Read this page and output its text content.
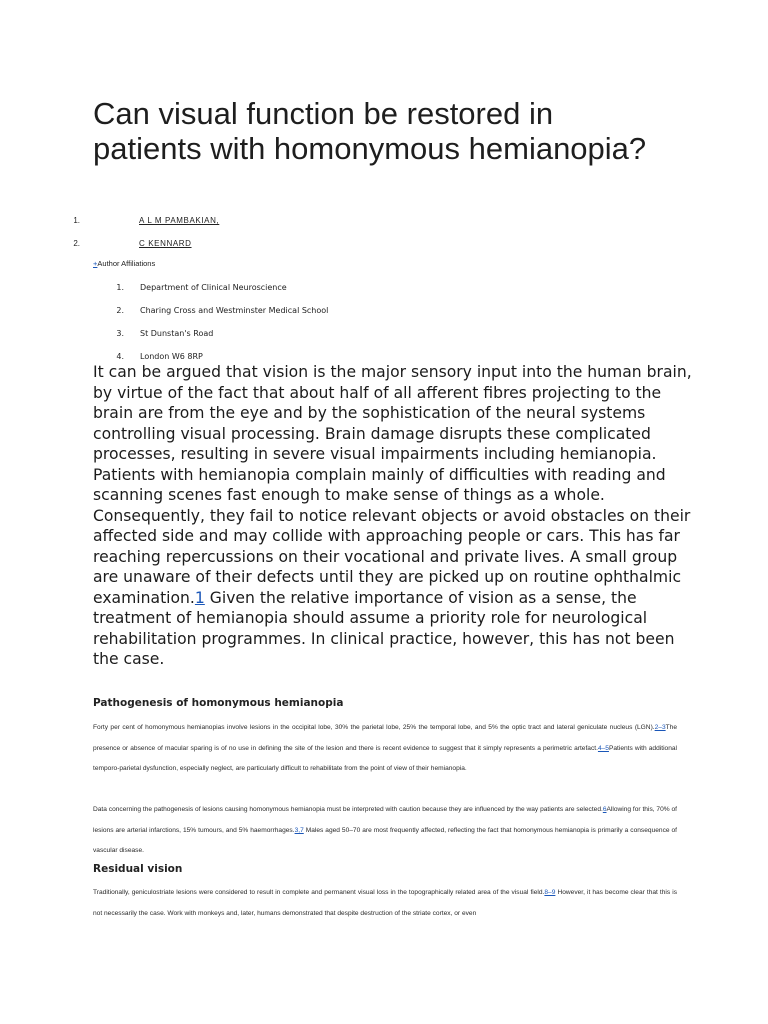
Can visual function be restored in patients with homonymous hemianopia?
1.	A L M PAMBAKIAN,
2.	C KENNARD
+Author Affiliations
1. Department of Clinical Neuroscience
2. Charing Cross and Westminster Medical School
3. St Dunstan's Road
4. London W6 8RP

It can be argued that vision is the major sensory input into the human brain, by virtue of the fact that about half of all afferent fibres projecting to the brain are from the eye and by the sophistication of the neural systems controlling visual processing. Brain damage disrupts these complicated processes, resulting in severe visual impairments including hemianopia. Patients with hemianopia complain mainly of difficulties with reading and scanning scenes fast enough to make sense of things as a whole. Consequently, they fail to notice relevant objects or avoid obstacles on their affected side and may collide with approaching people or cars. This has far reaching repercussions on their vocational and private lives. A small group are unaware of their defects until they are picked up on routine ophthalmic examination.1 Given the relative importance of vision as a sense, the treatment of hemianopia should assume a priority role for neurological rehabilitation programmes. In clinical practice, however, this has not been the case.

Pathogenesis of homonymous hemianopia

Forty per cent of homonymous hemianopias involve lesions in the occipital lobe, 30% the parietal lobe, 25% the temporal lobe, and 5% the optic tract and lateral geniculate nucleus (LGN).2–3The presence or absence of macular sparing is of no use in defining the site of the lesion and there is recent evidence to suggest that it simply represents a perimetric artefact.4–5Patients with additional temporo-parietal dysfunction, especially neglect, are particularly difficult to rehabilitate from the point of view of their hemianopia.

Data concerning the pathogenesis of lesions causing homonymous hemianopia must be interpreted with caution because they are influenced by the way patients are selected.6Allowing for this, 70% of lesions are arterial infarctions, 15% tumours, and 5% haemorrhages.3,7 Males aged 50–70 are most frequently affected, reflecting the fact that homonymous hemianopia is primarily a consequence of vascular disease.

Residual vision

Traditionally, geniculostriate lesions were considered to result in complete and permanent visual loss in the topographically related area of the visual field.8–9 However, it has become clear that this is not necessarily the case. Work with monkeys and, later, humans demonstrated that despite destruction of the striate cortex, or even
